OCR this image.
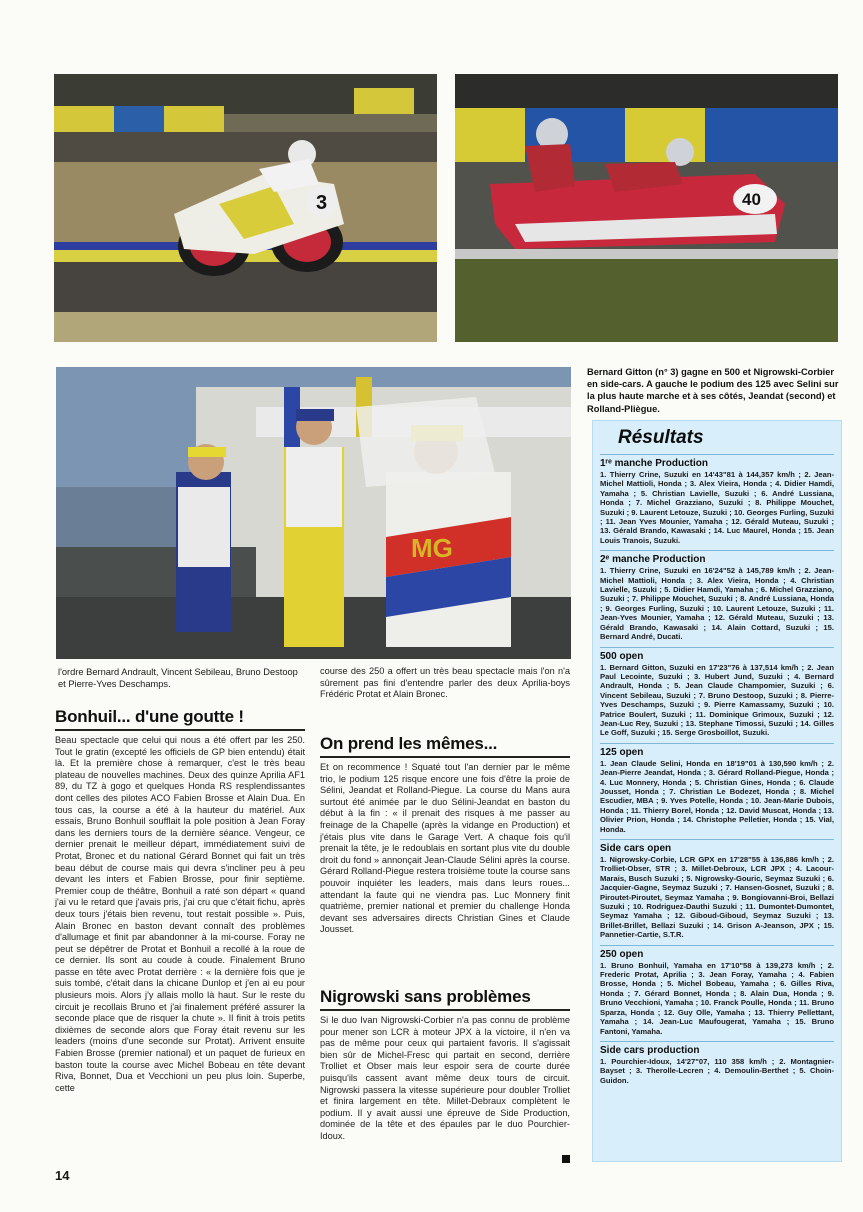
3	40
MG
Bernard Gitton (n° 3) gagne en 500 et Nigrowski-Corbier en side-cars. A gauche le podium des 125 avec Selini sur la plus haute marche et à ses côtés, Jeandat (second) et Rolland-Pliègue.
l'ordre Bernard Andrault, Vincent Sebileau, Bruno Destoop et Pierre-Yves Deschamps.
Bonhuil... d'une goutte !

Beau spectacle que celui qui nous a été offert par les 250. Tout le gratin (excepté les officiels de GP bien entendu) était là. Et la première chose à remarquer, c'est le très beau plateau de nouvelles machines. Deux des quinze Aprilia AF1 89, du TZ à gogo et quelques Honda RS resplendissantes dont celles des pilotes ACO Fabien Brosse et Alain Dua. En tous cas, la course a été à la hauteur du matériel. Aux essais, Bruno Bonhuil soufflait la pole position à Jean Foray dans les derniers tours de la dernière séance. Vengeur, ce dernier prenait le meilleur départ, immédiatement suivi de Protat, Bronec et du national Gérard Bonnet qui fait un très beau début de course mais qui devra s'incliner peu à peu devant les inters et Fabien Brosse, pour finir septième. Premier coup de théâtre, Bonhuil a raté son départ « quand j'ai vu le retard que j'avais pris, j'ai cru que c'était fichu, après deux tours j'étais bien revenu, tout restait possible ». Puis, Alain Bronec en baston devant connaît des problèmes d'allumage et finit par abandonner à la mi-course. Foray ne peut se dépêtrer de Protat et Bonhuil a recollé à la roue de ce dernier. Ils sont au coude à coude. Finalement Bruno passe en tête avec Protat derrière : « la dernière fois que je suis tombé, c'était dans la chicane Dunlop et j'en ai eu pour plusieurs mois. Alors j'y allais mollo là haut. Sur le reste du circuit je recollais Bruno et j'ai finalement préféré assurer la seconde place que de risquer la chute ». Il finit à trois petits dixièmes de seconde alors que Foray était revenu sur les leaders (moins d'une seconde sur Protat). Arrivent ensuite Fabien Brosse (premier national) et un paquet de furieux en baston toute la course avec Michel Bobeau en tête devant Riva, Bonnet, Dua et Vecchioni un peu plus loin. Superbe, cette

course des 250 a offert un très beau spectacle mais l'on n'a sûrement pas fini d'entendre parler des deux Aprilia-boys Frédéric Protat et Alain Bronec.

On prend les mêmes...

Et on recommence ! Squaté tout l'an dernier par le même trio, le podium 125 risque encore une fois d'être la proie de Sélini, Jeandat et Rolland-Piegue. La course du Mans aura surtout été animée par le duo Sélini-Jeandat en baston du début à la fin : « il prenait des risques à me passer au freinage de la Chapelle (après la vidange en Production) et j'étais plus vite dans le Garage Vert. A chaque fois qu'il prenait la tête, je le redoublais en sortant plus vite du double droit du fond » annonçait Jean-Claude Sélini après la course. Gérard Rolland-Piegue restera troisième toute la course sans pouvoir inquiéter les leaders, mais dans leurs roues... attendant la faute qui ne viendra pas. Luc Monnery finit quatrième, premier national et premier du challenge Honda devant ses adversaires directs Christian Gines et Claude Jousset.

Nigrowski sans problèmes

Si le duo Ivan Nigrowski-Corbier n'a pas connu de problème pour mener son LCR à moteur JPX à la victoire, il n'en va pas de même pour ceux qui partaient favoris. Il s'agissait bien sûr de Michel-Fresc qui partait en second, derrière Trolliet et Obser mais leur espoir sera de courte durée puisqu'ils cassent avant même deux tours de circuit. Nigrowski passera la vitesse supérieure pour doubler Trolliet et finira largement en tête. Millet-Debraux complètent le podium. Il y avait aussi une épreuve de Side Production, dominée de la tête et des épaules par le duo Pourchier-Idoux.

Résultats
1ʳᵉ manche Production
1. Thierry Crine, Suzuki en 14'43"81 à 144,357 km/h ; 2. Jean-Michel Mattioli, Honda ; 3. Alex Vieira, Honda ; 4. Didier Hamdi, Yamaha ; 5. Christian Lavielle, Suzuki ; 6. André Lussiana, Honda ; 7. Michel Grazziano, Suzuki ; 8. Philippe Mouchet, Suzuki ; 9. Laurent Letouze, Suzuki ; 10. Georges Furling, Suzuki ; 11. Jean Yves Mounier, Yamaha ; 12. Gérald Muteau, Suzuki ; 13. Gérald Brando, Kawasaki ; 14. Luc Maurel, Honda ; 15. Jean Louis Tranois, Suzuki.
2ᵉ manche Production
1. Thierry Crine, Suzuki en 16'24"52 à 145,789 km/h ; 2. Jean-Michel Mattioli, Honda ; 3. Alex Vieira, Honda ; 4. Christian Lavielle, Suzuki ; 5. Didier Hamdi, Yamaha ; 6. Michel Grazziano, Suzuki ; 7. Philippe Mouchet, Suzuki ; 8. André Lussiana, Honda ; 9. Georges Furling, Suzuki ; 10. Laurent Letouze, Suzuki ; 11. Jean-Yves Mounier, Yamaha ; 12. Gérald Muteau, Suzuki ; 13. Gérald Brando, Kawasaki ; 14. Alain Cottard, Suzuki ; 15. Bernard André, Ducati.
500 open
1. Bernard Gitton, Suzuki en 17'23"76 à 137,514 km/h ; 2. Jean Paul Lecointe, Suzuki ; 3. Hubert Jund, Suzuki ; 4. Bernard Andrault, Honda ; 5. Jean Claude Champomier, Suzuki ; 6. Vincent Sebileau, Suzuki ; 7. Bruno Destoop, Suzuki ; 8. Pierre-Yves Deschamps, Suzuki ; 9. Pierre Kamassamy, Suzuki ; 10. Patrice Boulert, Suzuki ; 11. Dominique Grimoux, Suzuki ; 12. Jean-Luc Rey, Suzuki ; 13. Stephane Timossi, Suzuki ; 14. Gilles Le Goff, Suzuki ; 15. Serge Grosboillot, Suzuki.
125 open
1. Jean Claude Selini, Honda en 18'19"01 à 130,590 km/h ; 2. Jean-Pierre Jeandat, Honda ; 3. Gérard Rolland-Piegue, Honda ; 4. Luc Monnery, Honda ; 5. Christian Gines, Honda ; 6. Claude Jousset, Honda ; 7. Christian Le Bodezet, Honda ; 8. Michel Escudier, MBA ; 9. Yves Potelle, Honda ; 10. Jean-Marie Dubois, Honda ; 11. Thierry Borel, Honda ; 12. David Muscat, Honda ; 13. Olivier Prion, Honda ; 14. Christophe Pelletier, Honda ; 15. Vial, Honda.
Side cars open
1. Nigrowsky-Corbie, LCR GPX en 17'28"55 à 136,886 km/h ; 2. Trolliet-Obser, STR ; 3. Millet-Debroux, LCR JPX ; 4. Lacour-Marais, Busch Suzuki ; 5. Nigrowsky-Gouric, Seymaz Suzuki ; 6. Jacquier-Gagne, Seymaz Suzuki ; 7. Hansen-Gosnet, Suzuki ; 8. Piroutet-Piroutet, Seymaz Yamaha ; 9. Bongiovanni-Broi, Bellazi Suzuki ; 10. Rodriguez-Dauthi Suzuki ; 11. Dumontet-Dumontet, Seymaz Yamaha ; 12. Giboud-Giboud, Seymaz Suzuki ; 13. Brillet-Brillet, Bellazi Suzuki ; 14. Grison A-Jeanson, JPX ; 15. Pannetier-Cartie, S.T.R.
250 open
1. Bruno Bonhuil, Yamaha en 17'10"58 à 139,273 km/h ; 2. Frederic Protat, Aprilia ; 3. Jean Foray, Yamaha ; 4. Fabien Brosse, Honda ; 5. Michel Bobeau, Yamaha ; 6. Gilles Riva, Honda ; 7. Gérard Bonnet, Honda ; 8. Alain Dua, Honda ; 9. Bruno Vecchioni, Yamaha ; 10. Franck Poulle, Honda ; 11. Bruno Sparza, Honda ; 12. Guy Olle, Yamaha ; 13. Thierry Pellettant, Yamaha ; 14. Jean-Luc Maufougerat, Yamaha ; 15. Bruno Fantoni, Yamaha.
Side cars production
1. Pourchier-Idoux, 14'27"07, 110 358 km/h ; 2. Montagnier-Bayset ; 3. Therolle-Lecren ; 4. Demoulin-Berthet ; 5. Choin-Guidon.
14
